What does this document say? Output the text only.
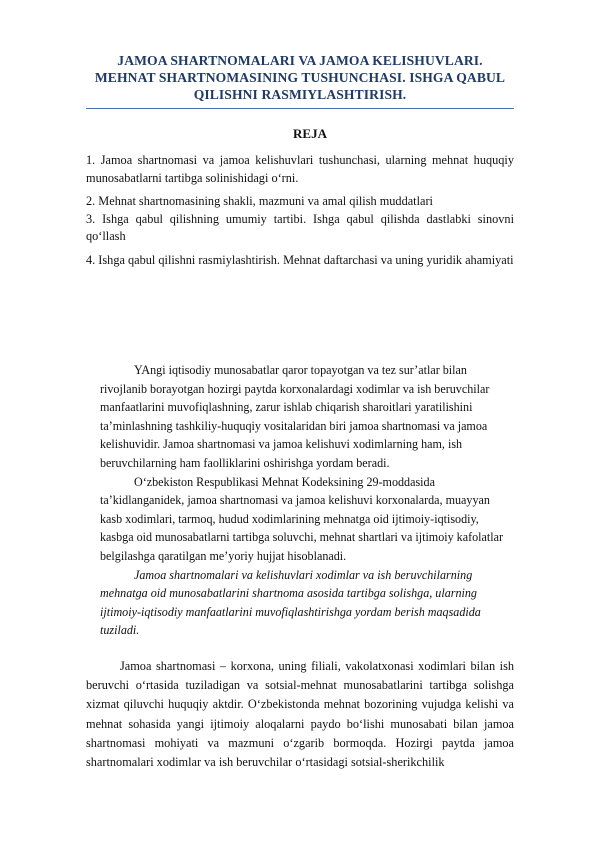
JAMOA SHARTNOMALARI VA JAMOA KELISHUVLARI. MEHNAT SHARTNOMASINING TUSHUNCHASI. ISHGA QABUL QILISHNI RASMIYLASHTIRISH.
REJA

1. Jamoa shartnomasi va jamoa kelishuvlari tushunchasi, ularning mehnat huquqiy munosabatlarni tartibga solinishidagi o‘rni.

2. Mehnat shartnomasining shakli, mazmuni va amal qilish muddatlari

3. Ishga qabul qilishning umumiy tartibi. Ishga qabul qilishda dastlabki sinovni qo‘llash

4. Ishga qabul qilishni rasmiylashtirish. Mehnat daftarchasi va uning yuridik ahamiyati

YAngi iqtisodiy munosabatlar qaror topayotgan va tez sur’atlar bilan rivojlanib borayotgan hozirgi paytda korxonalardagi xodimlar va ish beruvchilar manfaatlarini muvofiqlashning, zarur ishlab chiqarish sharoitlari yaratilishini ta’minlashning tashkiliy-huquqiy vositalaridan biri jamoa shartnomasi va jamoa kelishuvidir. Jamoa shartnomasi va jamoa kelishuvi xodimlarning ham, ish beruvchilarning ham faolliklarini oshirishga yordam beradi.

O‘zbekiston Respublikasi Mehnat Kodeksining 29-moddasida ta’kidlanganidek, jamoa shartnomasi va jamoa kelishuvi korxonalarda, muayyan kasb xodimlari, tarmoq, hudud xodimlarining mehnatga oid ijtimoiy-iqtisodiy, kasbga oid munosabatlarni tartibga soluvchi, mehnat shartlari va ijtimoiy kafolatlar belgilashga qaratilgan me’yoriy hujjat hisoblanadi.

Jamoa shartnomalari va kelishuvlari xodimlar va ish beruvchilarning mehnatga oid munosabatlarini shartnoma asosida tartibga solishga, ularning ijtimoiy-iqtisodiy manfaatlarini muvofiqlashtirishga yordam berish maqsadida tuziladi.

Jamoa shartnomasi – korxona, uning filiali, vakolatxonasi xodimlari bilan ish beruvchi o‘rtasida tuziladigan va sotsial-mehnat munosabatlarini tartibga solishga xizmat qiluvchi huquqiy aktdir. O‘zbekistonda mehnat bozorining vujudga kelishi va mehnat sohasida yangi ijtimoiy aloqalarni paydo bo‘lishi munosabati bilan jamoa shartnomasi mohiyati va mazmuni o‘zgarib bormoqda. Hozirgi paytda jamoa shartnomalari xodimlar va ish beruvchilar o‘rtasidagi sotsial-sherikchilik
